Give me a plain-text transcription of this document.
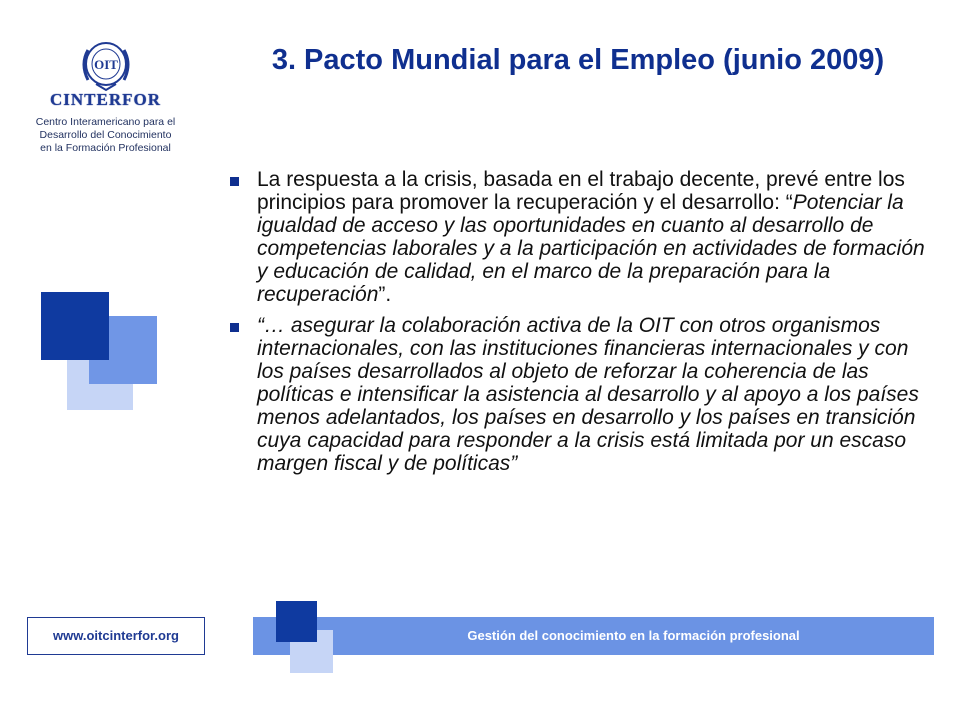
OIT
CINTERFOR
Centro Interamericano para el
Desarrollo del Conocimiento
en la Formación Profesional
3. Pacto Mundial para el Empleo (junio 2009)
La respuesta a la crisis, basada en el trabajo decente, prevé entre los principios para promover la recuperación y el desarrollo: “Potenciar la igualdad de acceso y las oportunidades en cuanto al desarrollo de competencias laborales y a la participación en actividades de formación y educación de calidad, en el marco de la preparación para la recuperación”.
“… asegurar la colaboración activa de la OIT con otros organismos internacionales, con las instituciones financieras internacionales y con los países desarrollados al objeto de reforzar la coherencia de las políticas e intensificar la asistencia al desarrollo y al apoyo a los países menos adelantados, los países en desarrollo y los países en transición cuya capacidad para responder a la crisis está limitada por un escaso margen fiscal y de políticas”
Gestión del conocimiento en la formación profesional
www.oitcinterfor.org
